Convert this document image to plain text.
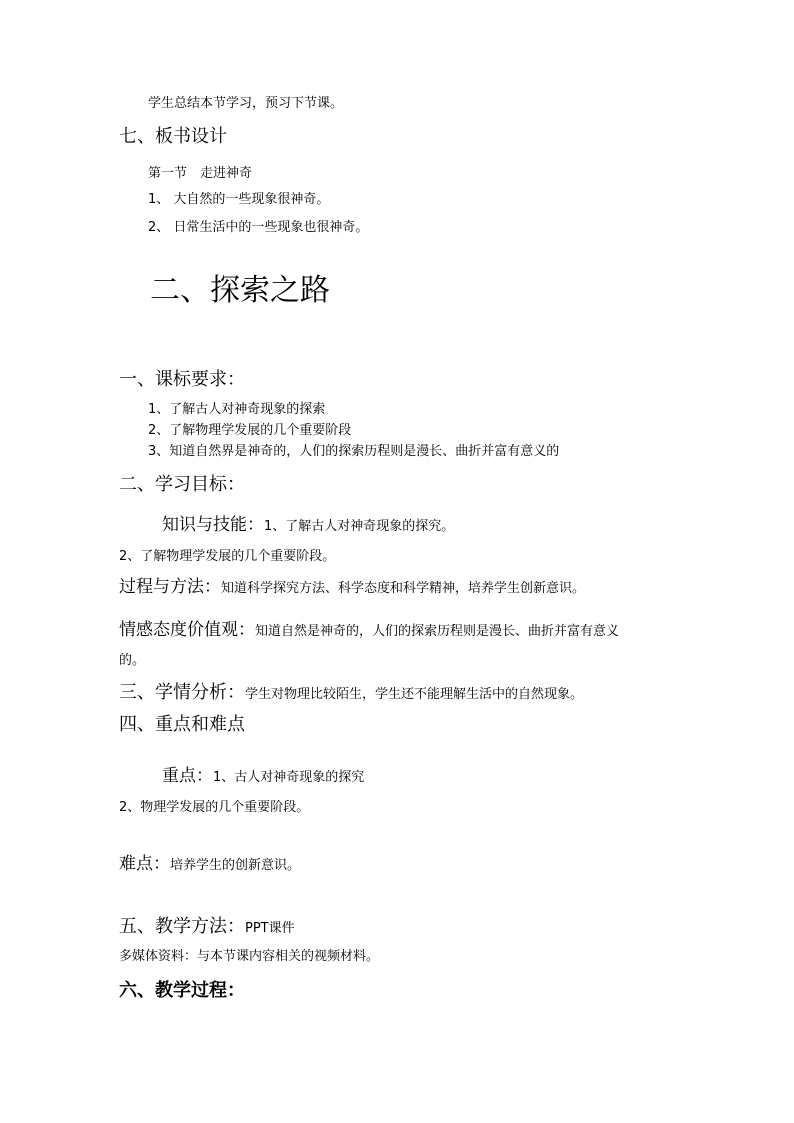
学生总结本节学习，预习下节课。
七、板书设计
第一节　走进神奇
1、 大自然的一些现象很神奇。
2、 日常生活中的一些现象也很神奇。
二、探索之路
一、课标要求：
1、了解古人对神奇现象的探索
2、了解物理学发展的几个重要阶段
3、知道自然界是神奇的，人们的探索历程则是漫长、曲折并富有意义的
二、学习目标：
知识与技能：1、了解古人对神奇现象的探究。
2、了解物理学发展的几个重要阶段。
过程与方法：知道科学探究方法、科学态度和科学精神，培养学生创新意识。
情感态度价值观：知道自然是神奇的，人们的探索历程则是漫长、曲折并富有意义
的。
三、学情分析：学生对物理比较陌生，学生还不能理解生活中的自然现象。
四、重点和难点
重点：1、古人对神奇现象的探究
2、物理学发展的几个重要阶段。
难点：培养学生的创新意识。
五、教学方法：PPT课件
多媒体资料：与本节课内容相关的视频材料。
六、教学过程：
